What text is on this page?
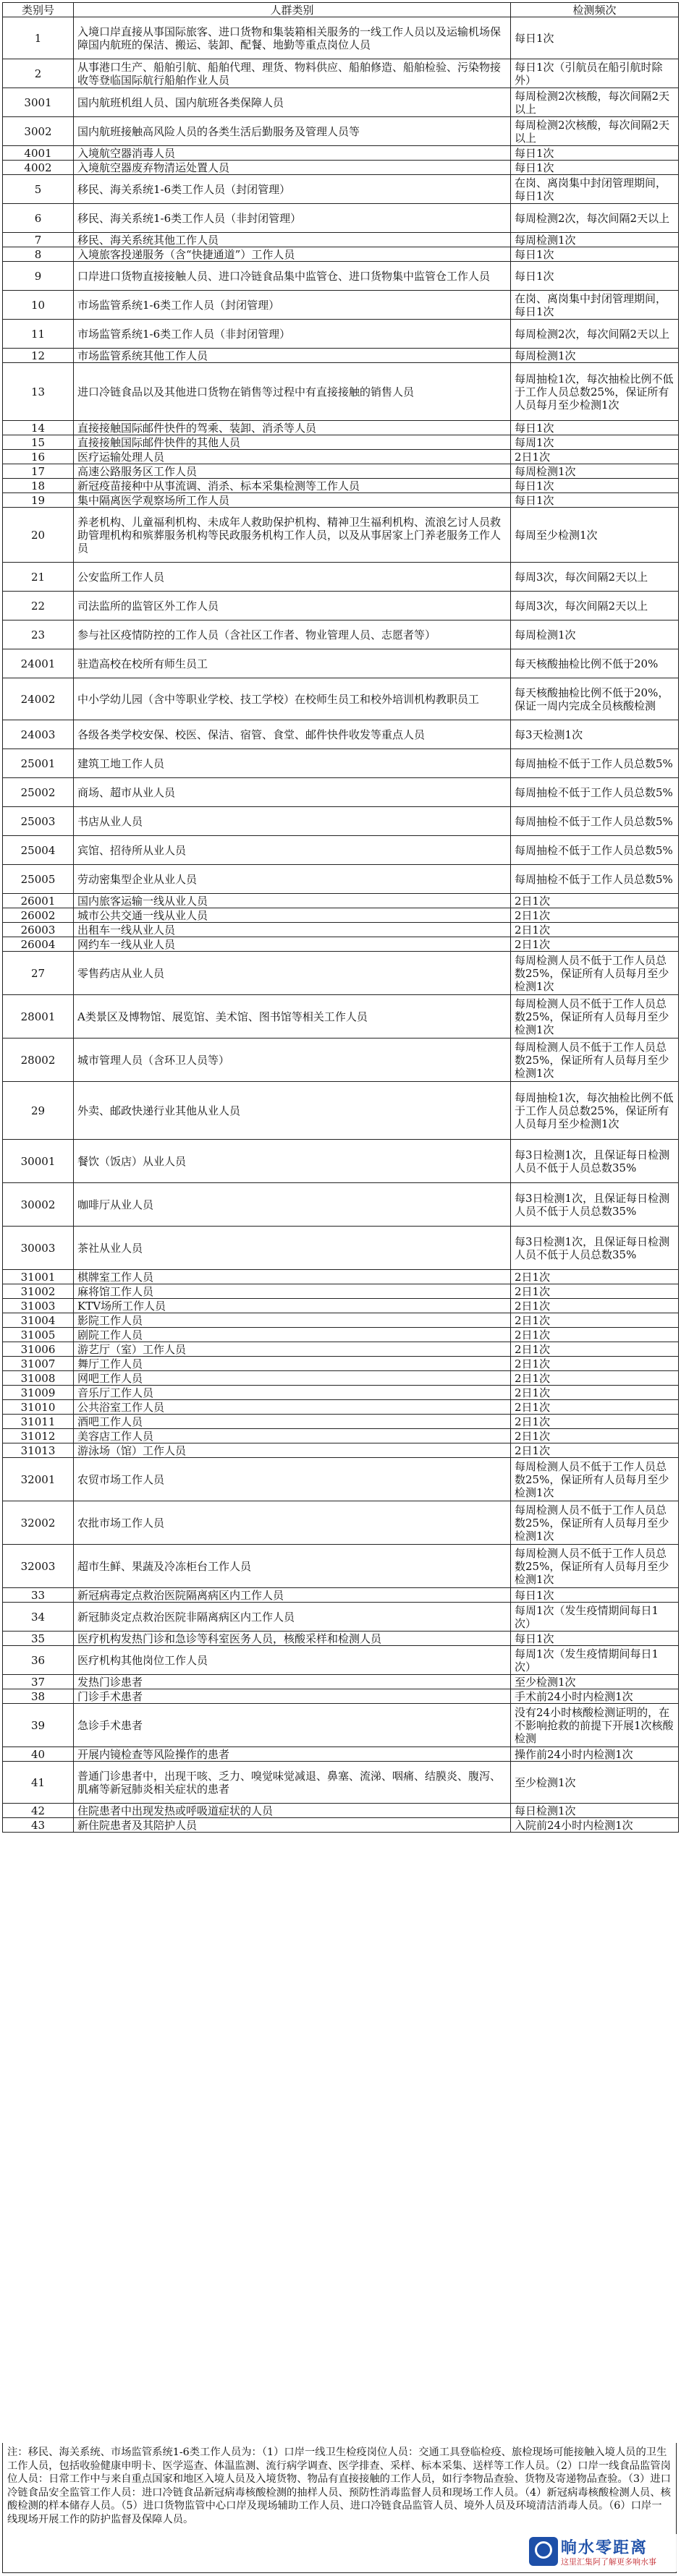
类别号	人群类别	检测频次
1	入境口岸直接从事国际旅客、进口货物和集装箱相关服务的一线工作人员以及运输机场保障国内航班的保洁、搬运、装卸、配餐、地勤等重点岗位人员	每日1次
2	从事港口生产、船舶引航、船舶代理、理货、物料供应、船舶修造、船舶检验、污染物接收等登临国际航行船舶作业人员	每日1次（引航员在船引航时除外）
3001	国内航班机组人员、国内航班各类保障人员	每周检测2次核酸，每次间隔2天以上
3002	国内航班接触高风险人员的各类生活后勤服务及管理人员等	每周检测2次核酸，每次间隔2天以上
4001	入境航空器消毒人员	每日1次
4002	入境航空器废弃物清运处置人员	每日1次
5	移民、海关系统1-6类工作人员（封闭管理）	在岗、离岗集中封闭管理期间，每日1次
6	移民、海关系统1-6类工作人员（非封闭管理）	每周检测2次，每次间隔2天以上
7	移民、海关系统其他工作人员	每周检测1次
8	入境旅客投递服务（含“快捷通道”）工作人员	每日1次
9	口岸进口货物直接接触人员、进口冷链食品集中监管仓、进口货物集中监管仓工作人员	每日1次
10	市场监管系统1-6类工作人员（封闭管理）	在岗、离岗集中封闭管理期间，每日1次
11	市场监管系统1-6类工作人员（非封闭管理）	每周检测2次，每次间隔2天以上
12	市场监管系统其他工作人员	每周检测1次
13	进口冷链食品以及其他进口货物在销售等过程中有直接接触的销售人员	每周抽检1次，每次抽检比例不低于工作人员总数25%，保证所有人员每月至少检测1次
14	直接接触国际邮件快件的驾乘、装卸、消杀等人员	每日1次
15	直接接触国际邮件快件的其他人员	每周1次
16	医疗运输处理人员	2日1次
17	高速公路服务区工作人员	每周检测1次
18	新冠疫苗接种中从事流调、消杀、标本采集检测等工作人员	每日1次
19	集中隔离医学观察场所工作人员	每日1次
20	养老机构、儿童福利机构、未成年人救助保护机构、精神卫生福利机构、流浪乞讨人员救助管理机构和殡葬服务机构等民政服务机构工作人员，以及从事居家上门养老服务工作人员	每周至少检测1次
21	公安监所工作人员	每周3次，每次间隔2天以上
22	司法监所的监管区外工作人员	每周3次，每次间隔2天以上
23	参与社区疫情防控的工作人员（含社区工作者、物业管理人员、志愿者等）	每周检测1次
24001	驻造高校在校所有师生员工	每天核酸抽检比例不低于20%
24002	中小学幼儿园（含中等职业学校、技工学校）在校师生员工和校外培训机构教职员工	每天核酸抽检比例不低于20%，保证一周内完成全员核酸检测
24003	各级各类学校安保、校医、保洁、宿管、食堂、邮件快件收发等重点人员	每3天检测1次
25001	建筑工地工作人员	每周抽检不低于工作人员总数5%
25002	商场、超市从业人员	每周抽检不低于工作人员总数5%
25003	书店从业人员	每周抽检不低于工作人员总数5%
25004	宾馆、招待所从业人员	每周抽检不低于工作人员总数5%
25005	劳动密集型企业从业人员	每周抽检不低于工作人员总数5%
26001	国内旅客运输一线从业人员	2日1次
26002	城市公共交通一线从业人员	2日1次
26003	出租车一线从业人员	2日1次
26004	网约车一线从业人员	2日1次
27	零售药店从业人员	每周检测人员不低于工作人员总数25%，保证所有人员每月至少检测1次
28001	A类景区及博物馆、展览馆、美术馆、图书馆等相关工作人员	每周检测人员不低于工作人员总数25%，保证所有人员每月至少检测1次
28002	城市管理人员（含环卫人员等）	每周检测人员不低于工作人员总数25%，保证所有人员每月至少检测1次
29	外卖、邮政快递行业其他从业人员	每周抽检1次，每次抽检比例不低于工作人员总数25%，保证所有人员每月至少检测1次
30001	餐饮（饭店）从业人员	每3日检测1次，且保证每日检测人员不低于人员总数35%
30002	咖啡厅从业人员	每3日检测1次，且保证每日检测人员不低于人员总数35%
30003	茶社从业人员	每3日检测1次，且保证每日检测人员不低于人员总数35%
31001	棋牌室工作人员	2日1次
31002	麻将馆工作人员	2日1次
31003	KTV场所工作人员	2日1次
31004	影院工作人员	2日1次
31005	剧院工作人员	2日1次
31006	游艺厅（室）工作人员	2日1次
31007	舞厅工作人员	2日1次
31008	网吧工作人员	2日1次
31009	音乐厅工作人员	2日1次
31010	公共浴室工作人员	2日1次
31011	酒吧工作人员	2日1次
31012	美容店工作人员	2日1次
31013	游泳场（馆）工作人员	2日1次
32001	农贸市场工作人员	每周检测人员不低于工作人员总数25%，保证所有人员每月至少检测1次
32002	农批市场工作人员	每周检测人员不低于工作人员总数25%，保证所有人员每月至少检测1次
32003	超市生鲜、果蔬及冷冻柜台工作人员	每周检测人员不低于工作人员总数25%，保证所有人员每月至少检测1次
33	新冠病毒定点救治医院隔离病区内工作人员	每日1次
34	新冠肺炎定点救治医院非隔离病区内工作人员	每周1次（发生疫情期间每日1次）
35	医疗机构发热门诊和急诊等科室医务人员，核酸采样和检测人员	每日1次
36	医疗机构其他岗位工作人员	每周1次（发生疫情期间每日1次）
37	发热门诊患者	至少检测1次
38	门诊手术患者	手术前24小时内检测1次
39	急诊手术患者	没有24小时核酸检测证明的，在不影响抢救的前提下开展1次核酸检测
40	开展内镜检查等风险操作的患者	操作前24小时内检测1次
41	普通门诊患者中，出现干咳、乏力、嗅觉味觉减退、鼻塞、流涕、咽痛、结膜炎、腹泻、肌痛等新冠肺炎相关症状的患者	至少检测1次
42	住院患者中出现发热或呼吸道症状的人员	每日检测1次
43	新住院患者及其陪护人员	入院前24小时内检测1次
注：移民、海关系统、市场监管系统1-6类工作人员为：（1）口岸一线卫生检疫岗位人员：交通工具登临检疫、旅检现场可能接触入境人员的卫生工作人员，包括收验健康申明卡、医学巡查、体温监测、流行病学调查、医学排查、采样、标本采集、送样等工作人员。（2）口岸一线食品监管岗位人员：日常工作中与来自重点国家和地区入境人员及入境货物、物品有直接接触的工作人员，如行李物品查验、货物及寄递物品查验。（3）进口冷链食品安全监管工作人员：进口冷链食品新冠病毒核酸检测的抽样人员、预防性消毒监督人员和现场工作人员。（4）新冠病毒核酸检测人员、核酸检测的样本储存人员。（5）进口货物监管中心口岸及现场辅助工作人员、进口冷链食品监管人员、境外人员及环境清洁消毒人员。（6）口岸一线现场开展工作的防护监督及保障人员。
晌水零距离
这里汇集阿了解更多响水事
